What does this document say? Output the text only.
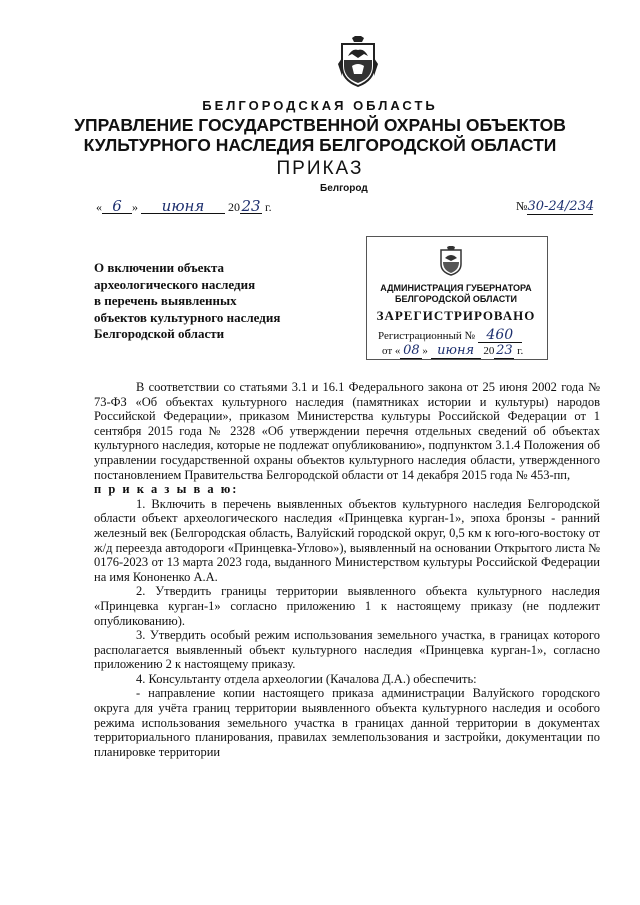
БЕЛГОРОДСКАЯ ОБЛАСТЬ
УПРАВЛЕНИЕ ГОСУДАРСТВЕННОЙ ОХРАНЫ ОБЪЕКТОВ
КУЛЬТУРНОГО НАСЛЕДИЯ БЕЛГОРОДСКОЙ ОБЛАСТИ
ПРИКАЗ
Белгород
« 6 » июня 2023 г.	№30-24/234
О включении объекта
археологического наследия
в перечень выявленных
объектов культурного наследия
Белгородской области
АДМИНИСТРАЦИЯ ГУБЕРНАТОРА
БЕЛГОРОДСКОЙ ОБЛАСТИ
ЗАРЕГИСТРИРОВАНО
Регистрационный № 460
от « 08 » июня 20 23 г.

В соответствии со статьями 3.1 и 16.1 Федерального закона от 25 июня 2002 года № 73-ФЗ «Об объектах культурного наследия (памятниках истории и культуры) народов Российской Федерации», приказом Министерства культуры Российской Федерации от 1 сентября 2015 года № 2328 «Об утверждении перечня отдельных сведений об объектах культурного наследия, которые не подлежат опубликованию», подпунктом 3.1.4 Положения об управлении государственной охраны объектов культурного наследия области, утвержденного постановлением Правительства Белгородской области от 14 декабря 2015 года № 453-пп,

п р и к а з ы в а ю:

1. Включить в перечень выявленных объектов культурного наследия Белгородской области объект археологического наследия «Принцевка курган-1», эпоха бронзы - ранний железный век (Белгородская область, Валуйский городской округ, 0,5 км к юго-юго-востоку от ж/д переезда автодороги «Принцевка-Углово»), выявленный на основании Открытого листа № 0176-2023 от 13 марта 2023 года, выданного Министерством культуры Российской Федерации на имя Кононенко А.А.

2. Утвердить границы территории выявленного объекта культурного наследия «Принцевка курган-1» согласно приложению 1 к настоящему приказу (не подлежит опубликованию).

3. Утвердить особый режим использования земельного участка, в границах которого располагается выявленный объект культурного наследия «Принцевка курган-1», согласно приложению 2 к настоящему приказу.

4. Консультанту отдела археологии (Качалова Д.А.) обеспечить:

- направление копии настоящего приказа администрации Валуйского городского округа для учёта границ территории выявленного объекта культурного наследия и особого режима использования земельного участка в границах данной территории в документах территориального планирования, правилах землепользования и застройки, документации по планировке территории
